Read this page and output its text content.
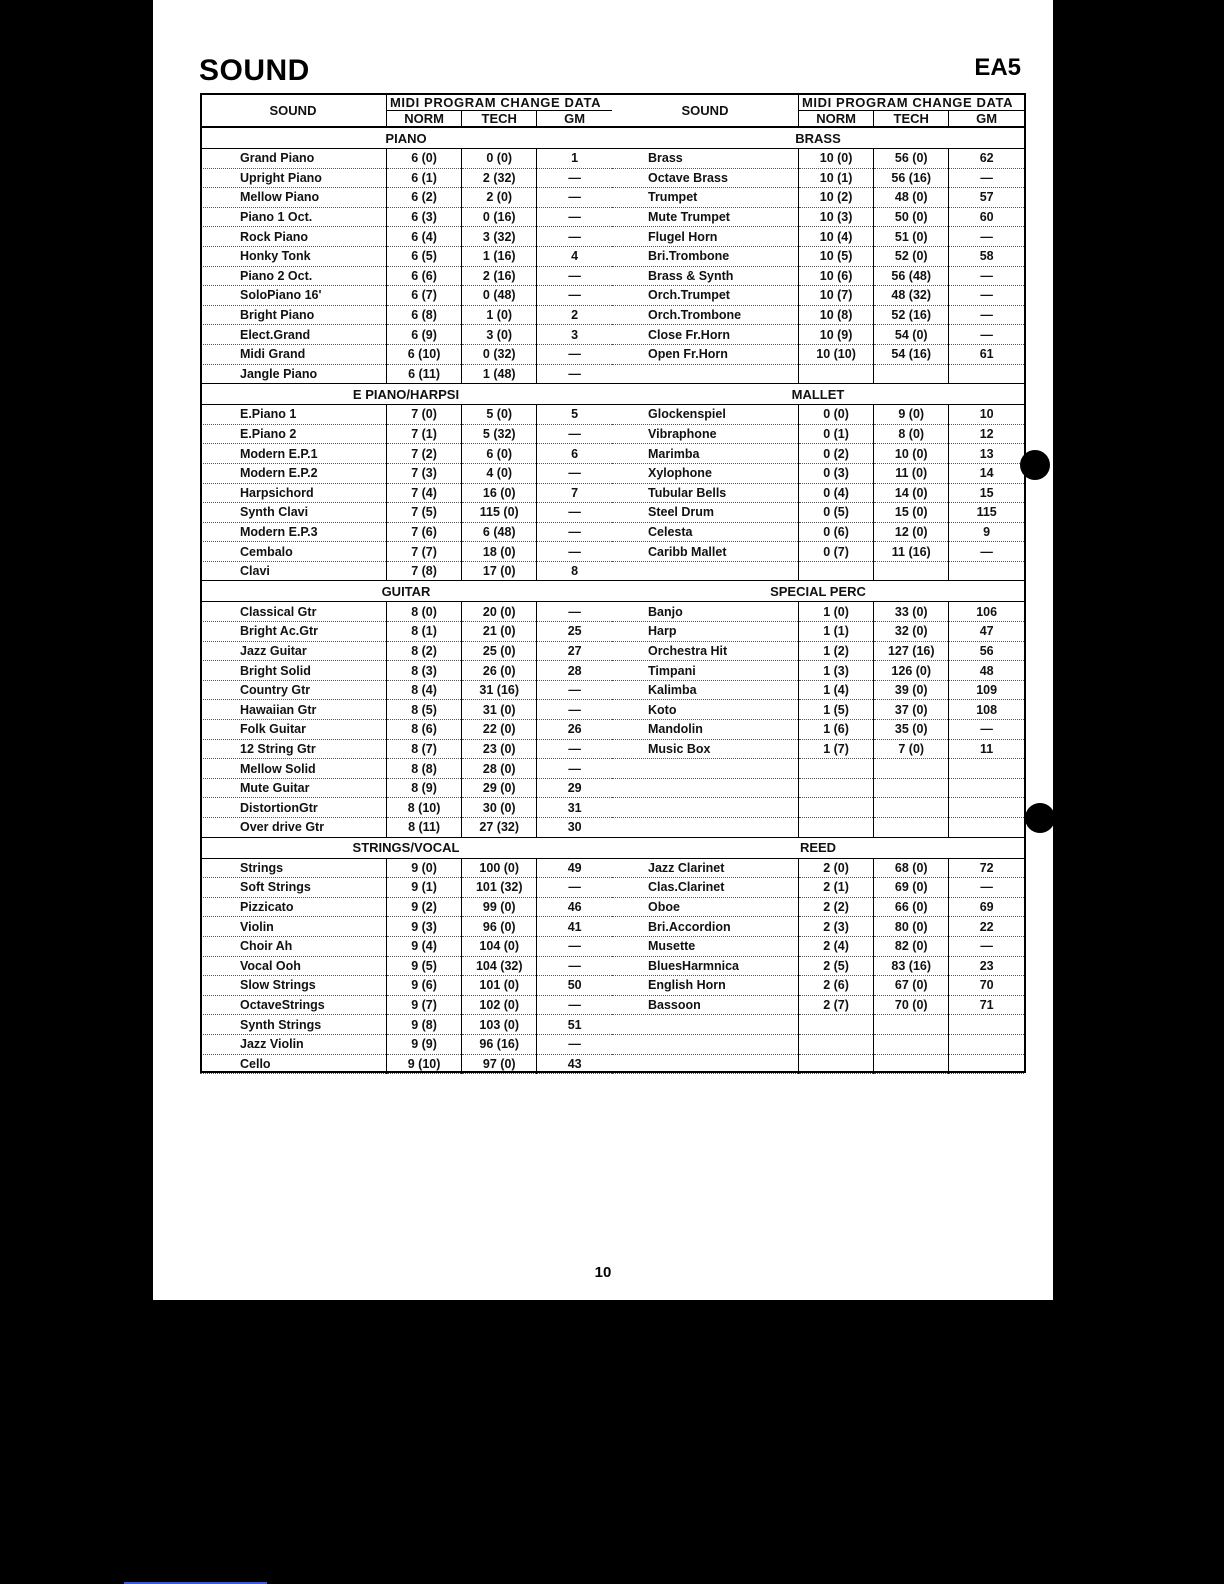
SOUND	EA5
SOUND	MIDI PROGRAM CHANGE DATA		
	NORM	TECH	GM
PIANO			
Grand Piano	6 (0)	0 (0)	1
Upright Piano	6 (1)	2 (32)	—
Mellow Piano	6 (2)	2 (0)	—
Piano 1 Oct.	6 (3)	0 (16)	—
Rock Piano	6 (4)	3 (32)	—
Honky Tonk	6 (5)	1 (16)	4
Piano 2 Oct.	6 (6)	2 (16)	—
SoloPiano 16'	6 (7)	0 (48)	—
Bright Piano	6 (8)	1 (0)	2
Elect.Grand	6 (9)	3 (0)	3
Midi Grand	6 (10)	0 (32)	—
Jangle Piano	6 (11)	1 (48)	—
E PIANO/HARPSI			
E.Piano 1	7 (0)	5 (0)	5
E.Piano 2	7 (1)	5 (32)	—
Modern E.P.1	7 (2)	6 (0)	6
Modern E.P.2	7 (3)	4 (0)	—
Harpsichord	7 (4)	16 (0)	7
Synth Clavi	7 (5)	115 (0)	—
Modern E.P.3	7 (6)	6 (48)	—
Cembalo	7 (7)	18 (0)	—
Clavi	7 (8)	17 (0)	8
GUITAR			
Classical Gtr	8 (0)	20 (0)	—
Bright Ac.Gtr	8 (1)	21 (0)	25
Jazz Guitar	8 (2)	25 (0)	27
Bright Solid	8 (3)	26 (0)	28
Country Gtr	8 (4)	31 (16)	—
Hawaiian Gtr	8 (5)	31 (0)	—
Folk Guitar	8 (6)	22 (0)	26
12 String Gtr	8 (7)	23 (0)	—
Mellow Solid	8 (8)	28 (0)	—
Mute Guitar	8 (9)	29 (0)	29
DistortionGtr	8 (10)	30 (0)	31
Over drive Gtr	8 (11)	27 (32)	30
STRINGS/VOCAL			
Strings	9 (0)	100 (0)	49
Soft Strings	9 (1)	101 (32)	—
Pizzicato	9 (2)	99 (0)	46
Violin	9 (3)	96 (0)	41
Choir Ah	9 (4)	104 (0)	—
Vocal Ooh	9 (5)	104 (32)	—
Slow Strings	9 (6)	101 (0)	50
OctaveStrings	9 (7)	102 (0)	—
Synth Strings	9 (8)	103 (0)	51
Jazz Violin	9 (9)	96 (16)	—
Cello	9 (10)	97 (0)	43
SOUND	MIDI PROGRAM CHANGE DATA		
	NORM	TECH	GM
BRASS			
Brass	10 (0)	56 (0)	62
Octave Brass	10 (1)	56 (16)	—
Trumpet	10 (2)	48 (0)	57
Mute Trumpet	10 (3)	50 (0)	60
Flugel Horn	10 (4)	51 (0)	—
Bri.Trombone	10 (5)	52 (0)	58
Brass & Synth	10 (6)	56 (48)	—
Orch.Trumpet	10 (7)	48 (32)	—
Orch.Trombone	10 (8)	52 (16)	—
Close Fr.Horn	10 (9)	54 (0)	—
Open Fr.Horn	10 (10)	54 (16)	61

MALLET			
Glockenspiel	0 (0)	9 (0)	10
Vibraphone	0 (1)	8 (0)	12
Marimba	0 (2)	10 (0)	13
Xylophone	0 (3)	11 (0)	14
Tubular Bells	0 (4)	14 (0)	15
Steel Drum	0 (5)	15 (0)	115
Celesta	0 (6)	12 (0)	9
Caribb Mallet	0 (7)	11 (16)	—

SPECIAL PERC			
Banjo	1 (0)	33 (0)	106
Harp	1 (1)	32 (0)	47
Orchestra Hit	1 (2)	127 (16)	56
Timpani	1 (3)	126 (0)	48
Kalimba	1 (4)	39 (0)	109
Koto	1 (5)	37 (0)	108
Mandolin	1 (6)	35 (0)	—
Music Box	1 (7)	7 (0)	11

REED			
Jazz Clarinet	2 (0)	68 (0)	72
Clas.Clarinet	2 (1)	69 (0)	—
Oboe	2 (2)	66 (0)	69
Bri.Accordion	2 (3)	80 (0)	22
Musette	2 (4)	82 (0)	—
BluesHarmnica	2 (5)	83 (16)	23
English Horn	2 (6)	67 (0)	70
Bassoon	2 (7)	70 (0)	71

10
